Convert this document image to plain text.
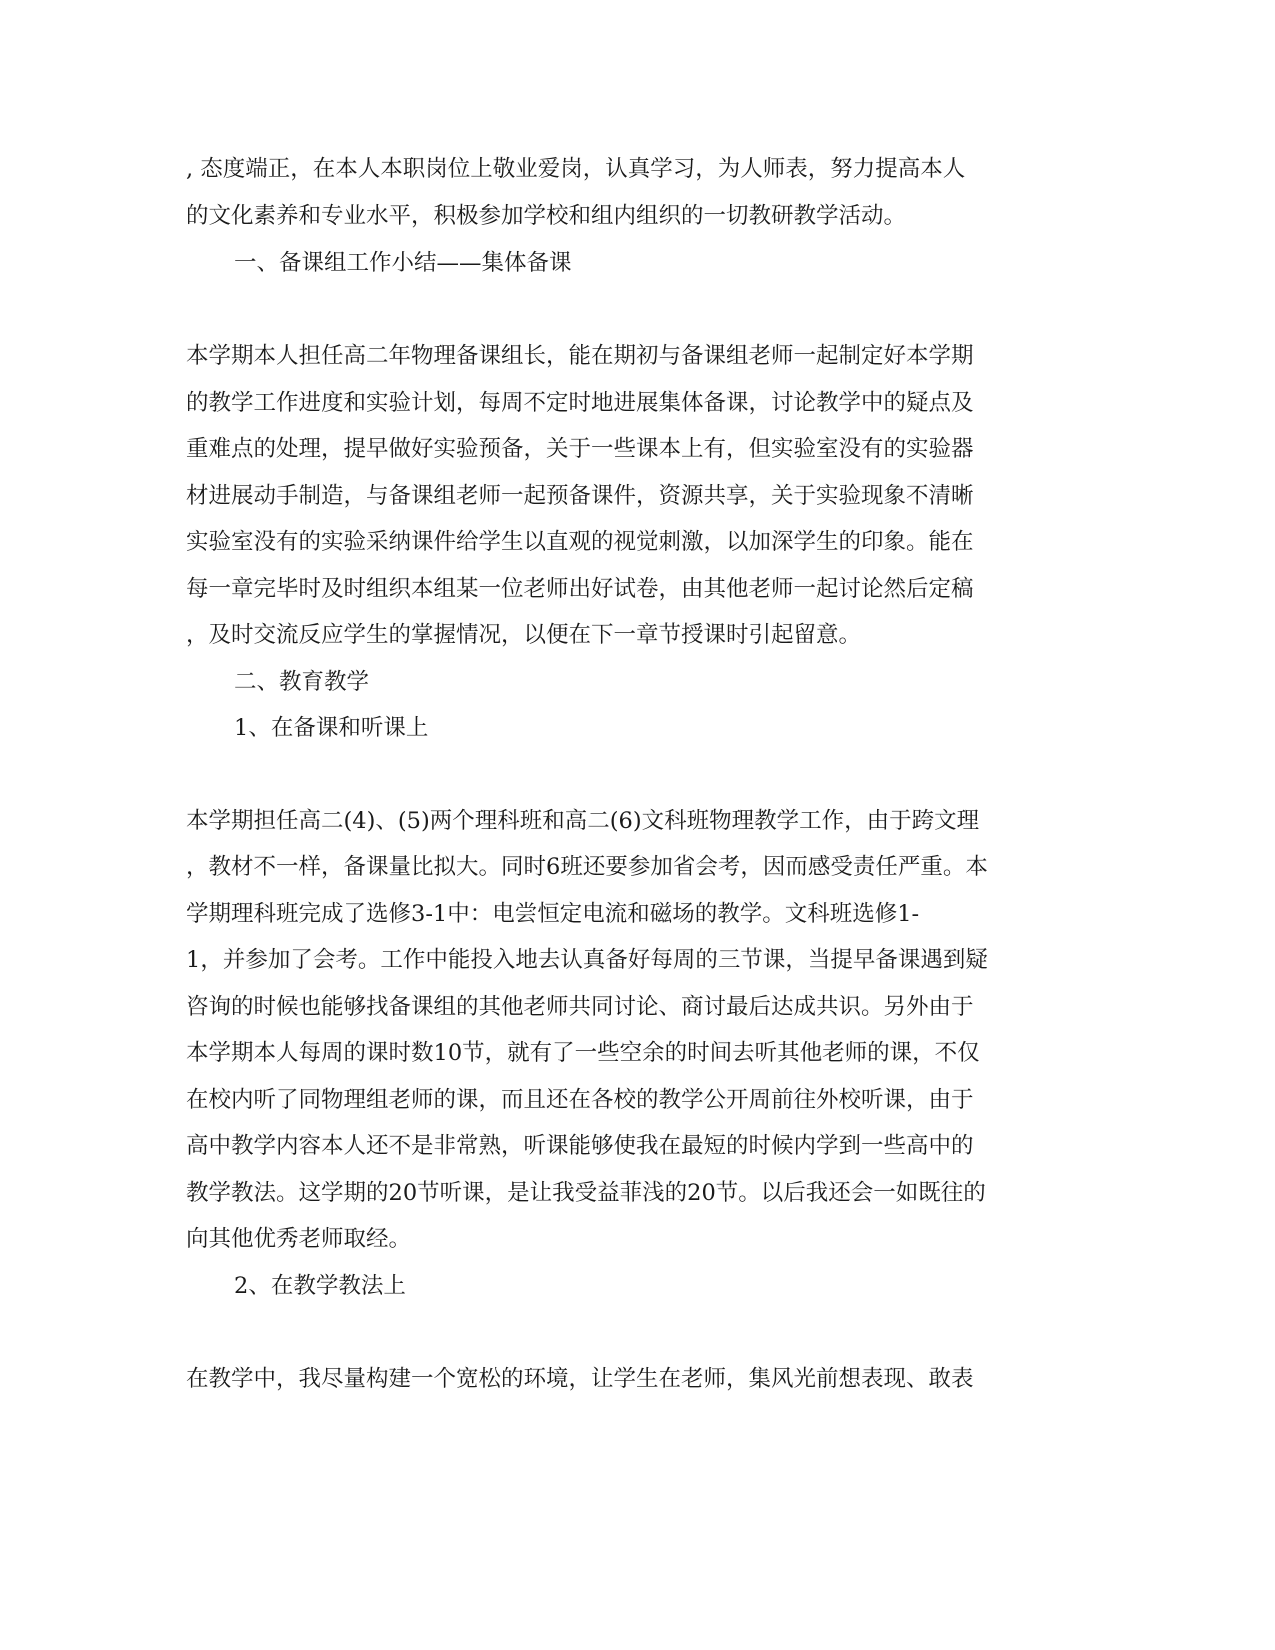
, 态度端正，在本人本职岗位上敬业爱岗，认真学习，为人师表，努力提高本人

的文化素养和专业水平，积极参加学校和组内组织的一切教研教学活动。

一、备课组工作小结——集体备课

本学期本人担任高二年物理备课组长，能在期初与备课组老师一起制定好本学期

的教学工作进度和实验计划，每周不定时地进展集体备课，讨论教学中的疑点及

重难点的处理，提早做好实验预备，关于一些课本上有，但实验室没有的实验器

材进展动手制造，与备课组老师一起预备课件，资源共享，关于实验现象不清晰

实验室没有的实验采纳课件给学生以直观的视觉刺激，以加深学生的印象。能在

每一章完毕时及时组织本组某一位老师出好试卷，由其他老师一起讨论然后定稿

，及时交流反应学生的掌握情况，以便在下一章节授课时引起留意。

二、教育教学

1、在备课和听课上

本学期担任高二(4)、(5)两个理科班和高二(6)文科班物理教学工作，由于跨文理

，教材不一样，备课量比拟大。同时6班还要参加省会考，因而感受责任严重。本

学期理科班完成了选修3-1中：电尝恒定电流和磁场的教学。文科班选修1-

1，并参加了会考。工作中能投入地去认真备好每周的三节课，当提早备课遇到疑

咨询的时候也能够找备课组的其他老师共同讨论、商讨最后达成共识。另外由于

本学期本人每周的课时数10节，就有了一些空余的时间去听其他老师的课，不仅

在校内听了同物理组老师的课，而且还在各校的教学公开周前往外校听课，由于

高中教学内容本人还不是非常熟，听课能够使我在最短的时候内学到一些高中的

教学教法。这学期的20节听课，是让我受益菲浅的20节。以后我还会一如既往的

向其他优秀老师取经。

2、在教学教法上

在教学中，我尽量构建一个宽松的环境，让学生在老师，集风光前想表现、敢表
